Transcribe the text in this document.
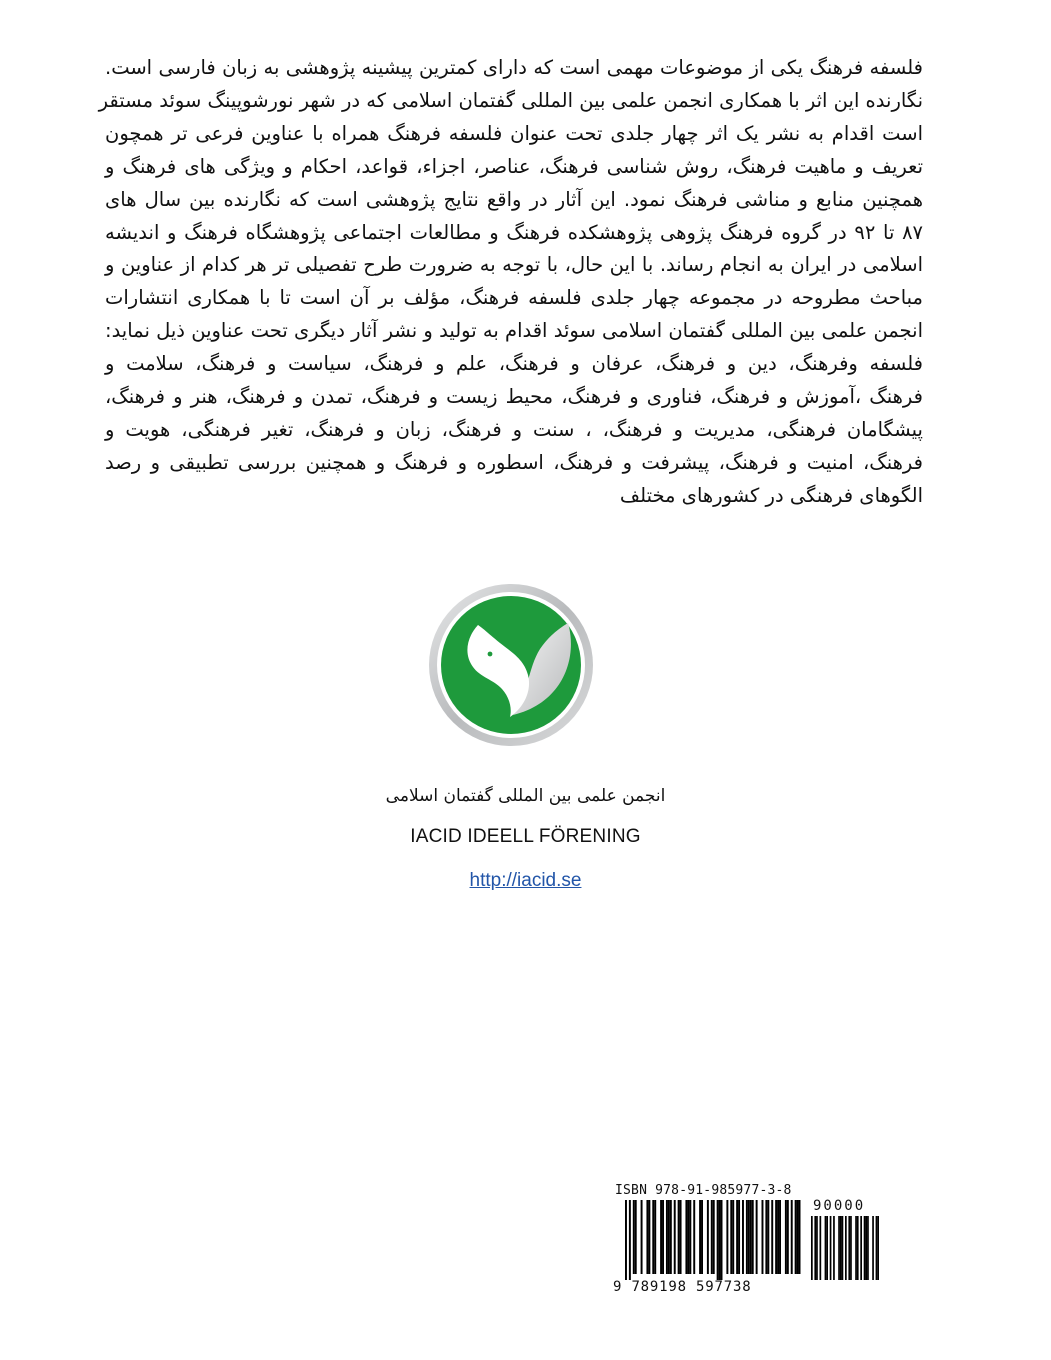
فلسفه فرهنگ یکی از موضوعات مهمی است که دارای کمترین پیشینه پژوهشی به زبان فارسی است.
نگارنده این اثر با همکاری انجمن علمی بین المللی گفتمان اسلامی که در شهر نورشوپینگ سوئد مستقر
است اقدام به نشر یک اثر چهار جلدی تحت عنوان فلسفه فرهنگ همراه با عناوین فرعی تر همچون
تعریف و ماهیت فرهنگ، روش شناسی فرهنگ، عناصر، اجزاء، قواعد، احکام و ویژگی های فرهنگ و
همچنین منابع و مناشی فرهنگ نمود. این آثار در واقع نتایج پژوهشی است که نگارنده بین سال های
۸۷ تا ۹۲ در گروه فرهنگ پژوهی پژوهشکده فرهنگ و مطالعات اجتماعی پژوهشگاه فرهنگ و اندیشه
اسلامی در ایران به انجام رساند. با این حال، با توجه به ضرورت طرح تفصیلی تر هر کدام از عناوین و
مباحث مطروحه در مجموعه چهار جلدی فلسفه فرهنگ، مؤلف بر آن است تا با همکاری انتشارات
انجمن علمی بین المللی گفتمان اسلامی سوئد اقدام به تولید و نشر آثار دیگری تحت عناوین ذیل نماید:
فلسفه وفرهنگ، دین و فرهنگ، عرفان و فرهنگ، علم و فرهنگ، سیاست و فرهنگ، سلامت و
فرهنگ ،آموزش و فرهنگ، فناوری و فرهنگ، محیط زیست و فرهنگ، تمدن و فرهنگ، هنر و فرهنگ،
پیشگامان فرهنگی، مدیریت و فرهنگ، ، سنت و فرهنگ، زبان و فرهنگ، تغیر فرهنگی، هویت و
فرهنگ، امنیت و فرهنگ، پیشرفت و فرهنگ، اسطوره و فرهنگ و همچنین بررسی تطبیقی و رصد
الگوهای فرهنگی در کشورهای مختلف
انجمن علمی بین المللی گفتمان اسلامی
IACID IDEELL FÖRENING
http://iacid.se
ISBN 978-91-985977-3-8
90000
9 789198 597738
